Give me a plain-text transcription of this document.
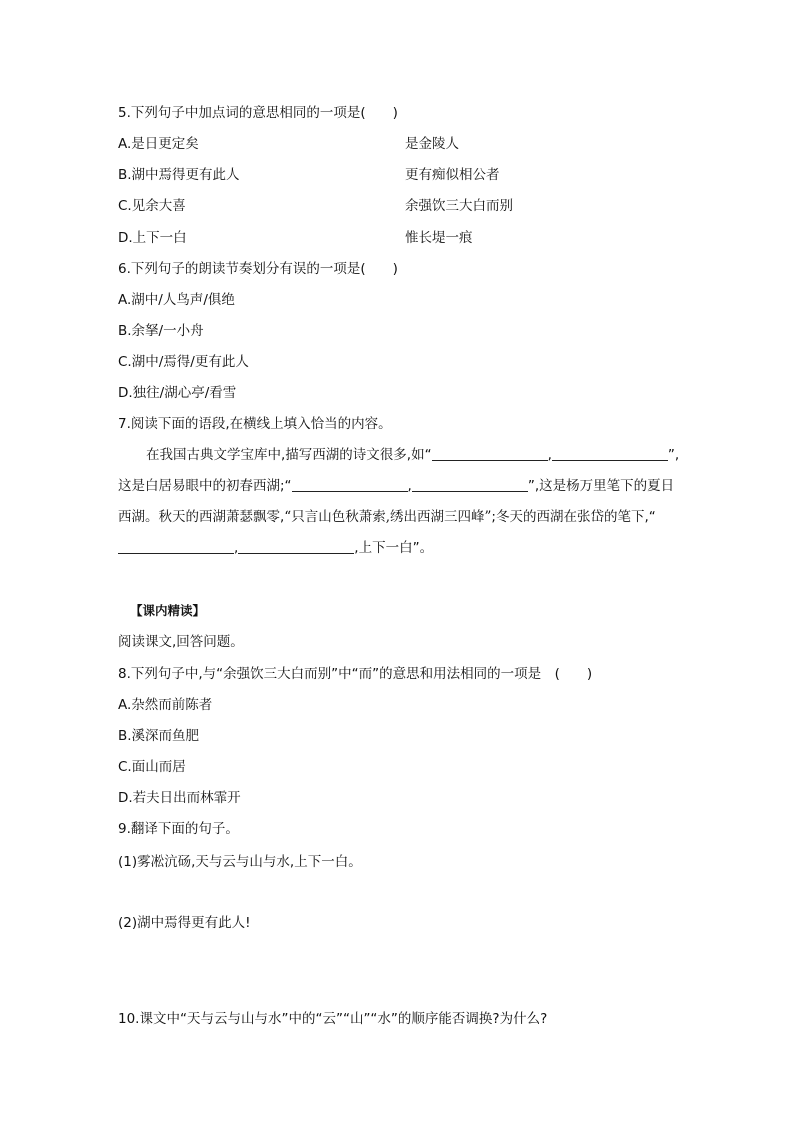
5.下列句子中加点词的意思相同的一项是(　　)
A.是日更定矣	是金陵人
B.湖中焉得更有此人	更有痴似相公者
C.见余大喜	余强饮三大白而别
D.上下一白	惟长堤一痕
6.下列句子的朗读节奏划分有误的一项是(　　)
A.湖中/人鸟声/俱绝
B.余拏/一小舟
C.湖中/焉得/更有此人
D.独往/湖心亭/看雪
7.阅读下面的语段,在横线上填入恰当的内容。
在我国古典文学宝库中,描写西湖的诗文很多,如“	,	”,这是白居易眼中的初春西湖;“	,	”,这是杨万里笔下的夏日西湖。秋天的西湖萧瑟飘零,“只言山色秋萧索,绣出西湖三四峰”;冬天的西湖在张岱的笔下,“,	,上下一白”。
【课内精读】
阅读课文,回答问题。
8.下列句子中,与“余强饮三大白而别”中“而”的意思和用法相同的一项是　(　　)
A.杂然而前陈者
B.溪深而鱼肥
C.面山而居
D.若夫日出而林霏开
9.翻译下面的句子。
(1)雾凇沆砀,天与云与山与水,上下一白。
(2)湖中焉得更有此人!
10.课文中“天与云与山与水”中的“云”“山”“水”的顺序能否调换?为什么?
